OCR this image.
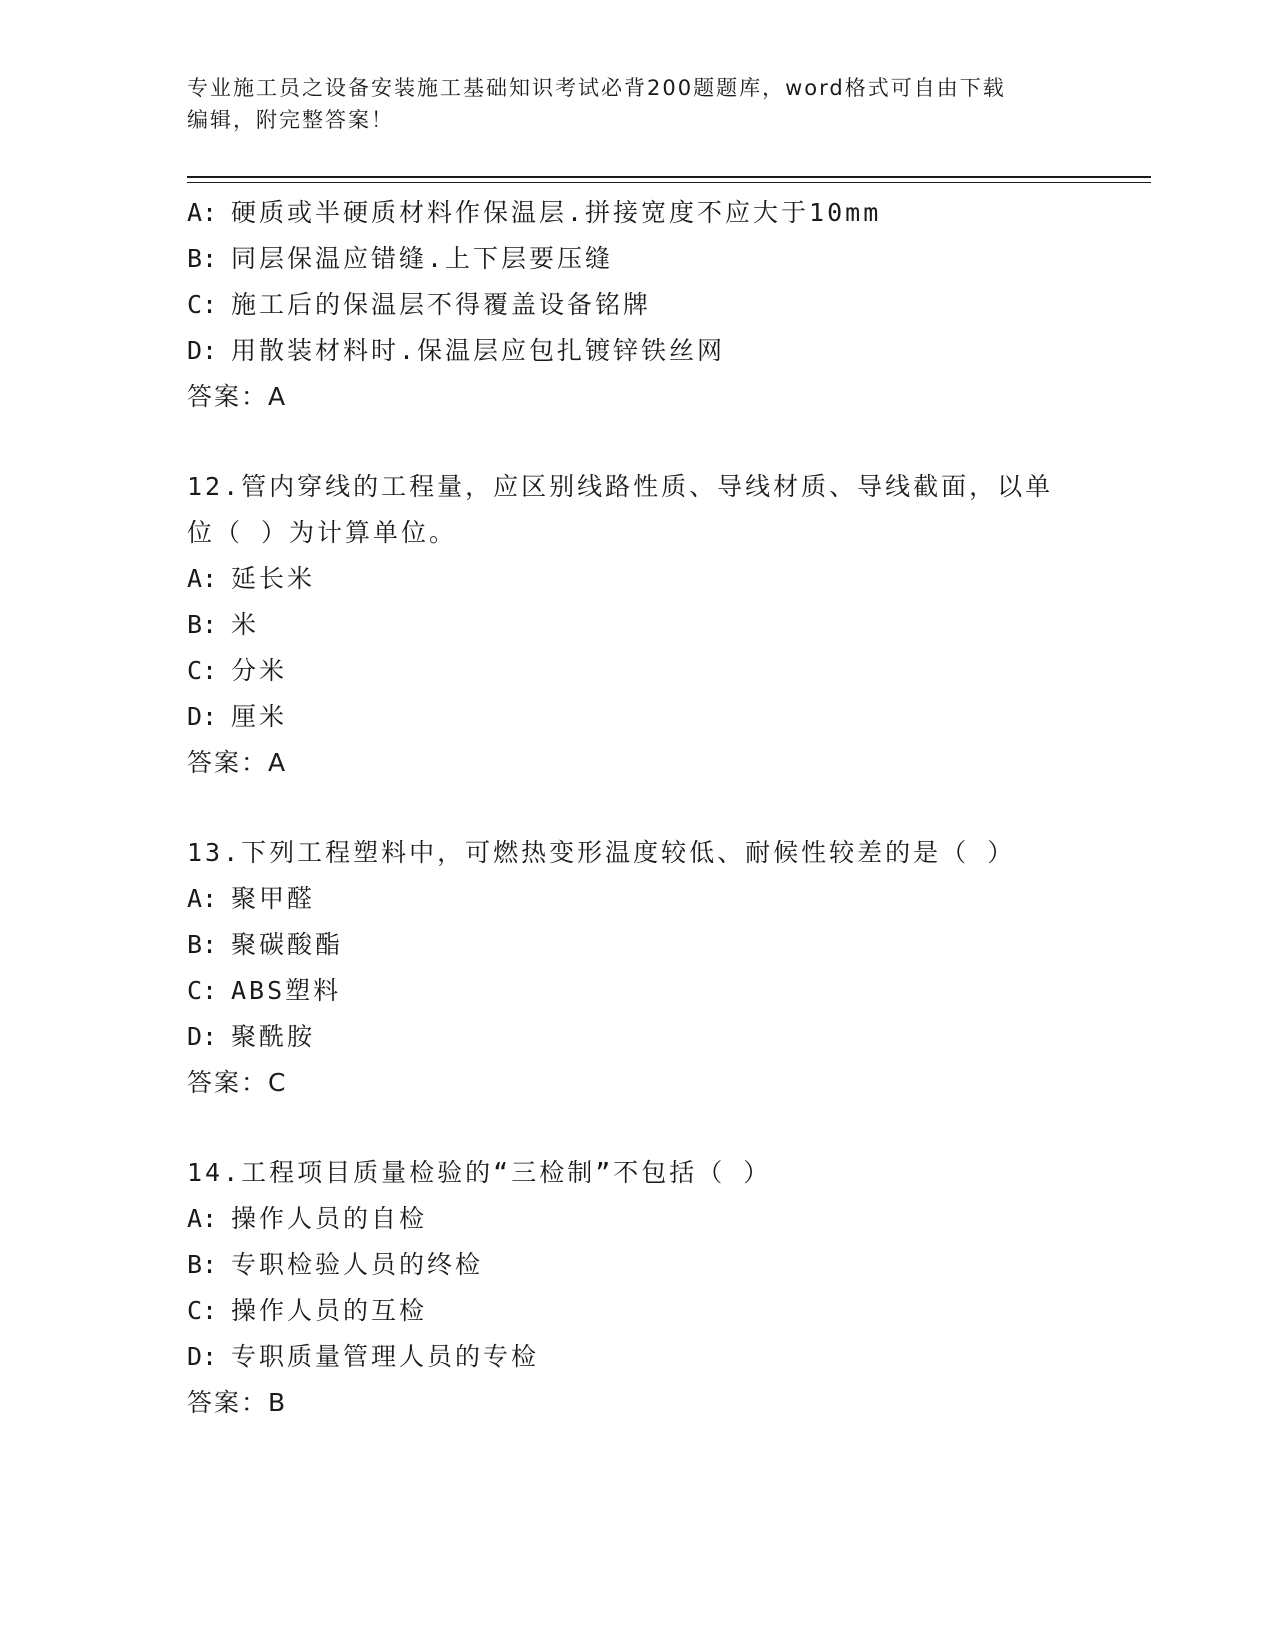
专业施工员之设备安装施工基础知识考试必背200题题库，word格式可自由下载
编辑，附完整答案！
A: 硬质或半硬质材料作保温层.拼接宽度不应大于10mm
B: 同层保温应错缝.上下层要压缝
C: 施工后的保温层不得覆盖设备铭牌
D: 用散装材料时.保温层应包扎镀锌铁丝网
答案：A
12.管内穿线的工程量，应区别线路性质、导线材质、导线截面，以单
位（ ）为计算单位。
A: 延长米
B: 米
C: 分米
D: 厘米
答案：A
13.下列工程塑料中，可燃热变形温度较低、耐候性较差的是（ ）
A: 聚甲醛
B: 聚碳酸酯
C: ABS塑料
D: 聚酰胺
答案：C
14.工程项目质量检验的“三检制”不包括（ ）
A: 操作人员的自检
B: 专职检验人员的终检
C: 操作人员的互检
D: 专职质量管理人员的专检
答案：B
